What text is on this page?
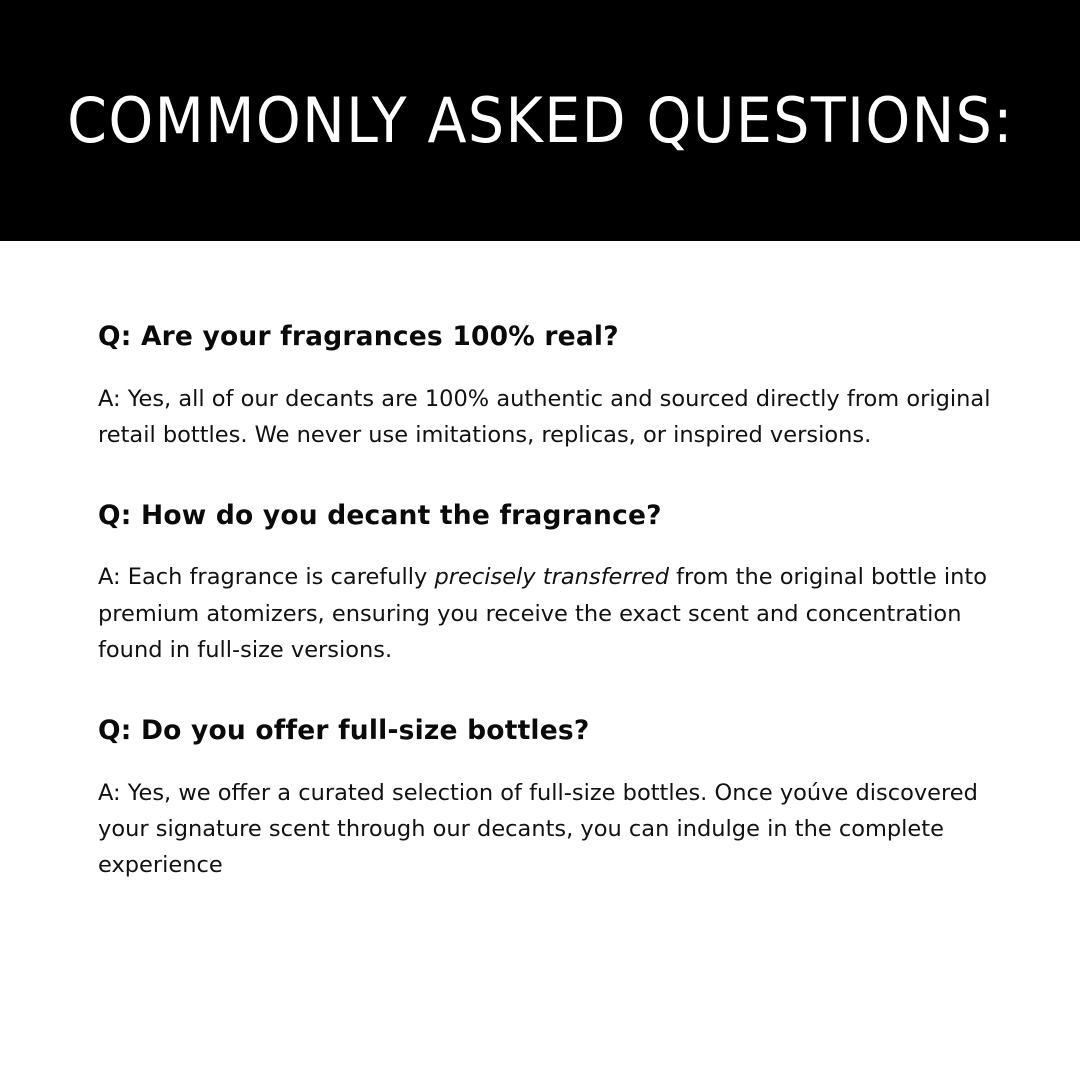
COMMONLY ASKED QUESTIONS:
Q: Are your fragrances 100% real?
A: Yes, all of our decants are 100% authentic and sourced directly from original
retail bottles. We never use imitations, replicas, or inspired versions.
Q: How do you decant the fragrance?
A: Each fragrance is carefully precisely transferred from the original bottle into premium atomizers, ensuring you receive the exact scent and concentration found in full-size versions.
Q: Do you offer full-size bottles?
A: Yes, we offer a curated selection of full-size bottles. Once yoúve discovered
your signature scent through our decants, you can indulge in the complete
experience
